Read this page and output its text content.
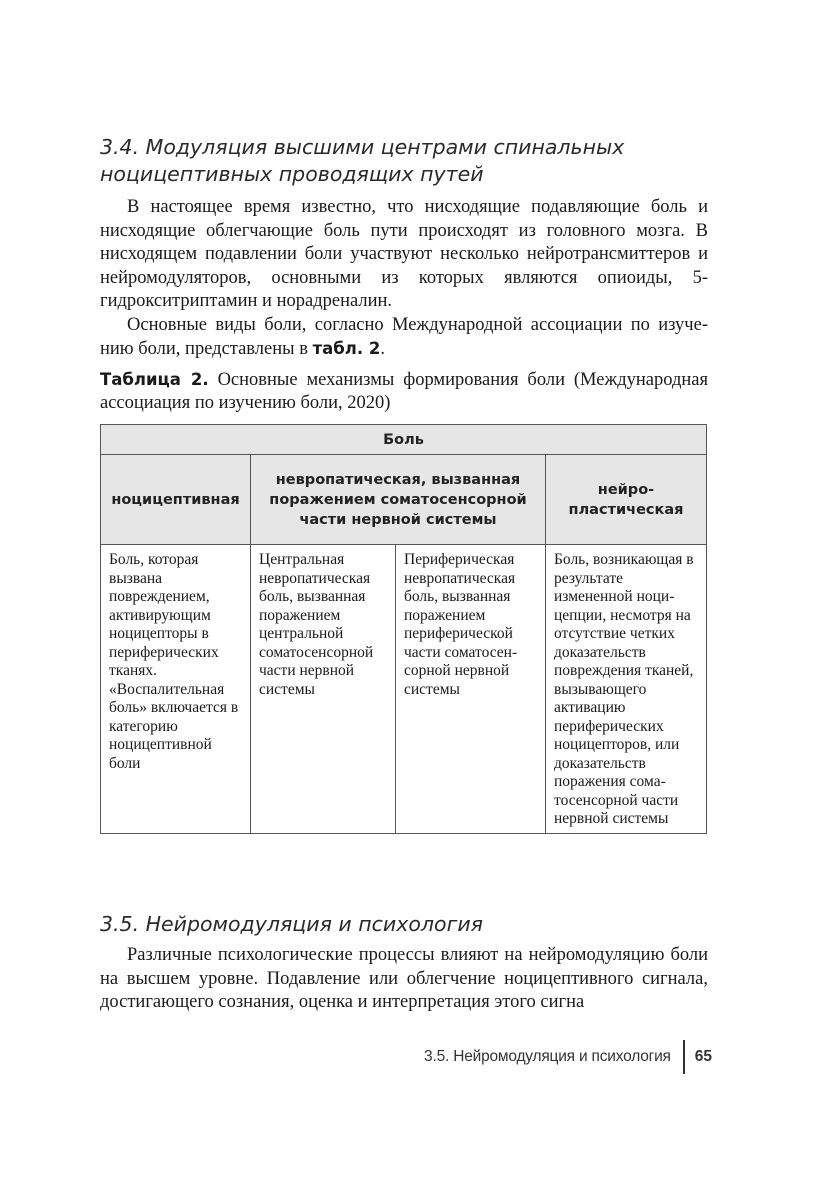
3.4. Модуляция высшими центрами спинальных
ноцицептивных проводящих путей

В настоящее время известно, что нисходящие подавляющие боль и нисходящие облегчающие боль пути происходят из головного мозга. В нисходящем подавлении боли участвуют несколько нейротрансмиттеров и нейромодуляторов, основными из которых являются опиоиды, 5-гидрокситриптамин и норадреналин.

Основные виды боли, согласно Международной ассоциации по изучению боли, представлены в табл. 2.

Таблица 2. Основные механизмы формирования боли (Международная ассоциация по изучению боли, 2020)

Боль			
ноцицептивная	невропатическая, вызванная поражением соматосенсорной части нервной системы		нейропластическая
Боль, которая вызвана повреждением, активирующим ноцицепторы в периферических тканях. «Воспалительная боль» включается в категорию ноцицептивной боли	Центральная невропатическая боль, вызванная поражением центральной соматосенсорной части нервной системы	Периферическая невропатическая боль, вызванная поражением периферической части соматосенсорной нервной системы	Боль, возникающая в результате измененной ноцицепции, несмотря на отсутствие четких доказательств повреждения тканей, вызывающего активацию периферических ноцицепторов, или доказательств поражения соматосенсорной части нервной системы
3.5. Нейромодуляция и психология

Различные психологические процессы влияют на нейромодуляцию боли на высшем уровне. Подавление или облегчение ноцицептивного сигнала, достигающего сознания, оценка и интерпретация этого сигна

3.5. Нейромодуляция и психология 65
